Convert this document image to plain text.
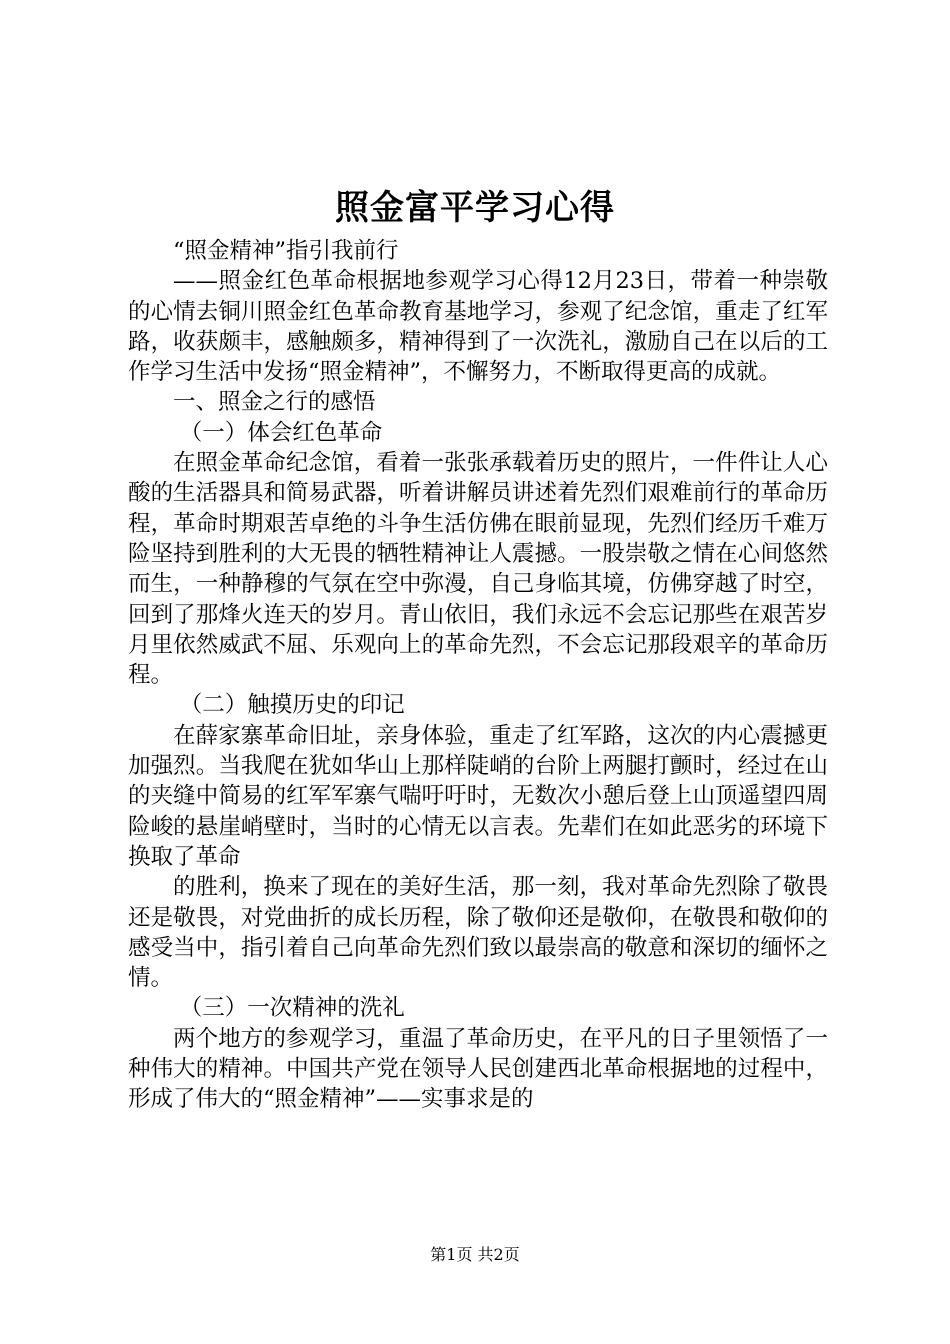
照金富平学习心得

“照金精神”指引我前行

——照金红色革命根据地参观学习心得12月23日，带着一种崇敬的心情去铜川照金红色革命教育基地学习，参观了纪念馆，重走了红军路，收获颇丰，感触颇多，精神得到了一次洗礼，激励自己在以后的工作学习生活中发扬“照金精神”，不懈努力，不断取得更高的成就。

一、照金之行的感悟

（一）体会红色革命

在照金革命纪念馆，看着一张张承载着历史的照片，一件件让人心酸的生活器具和简易武器，听着讲解员讲述着先烈们艰难前行的革命历程，革命时期艰苦卓绝的斗争生活仿佛在眼前显现，先烈们经历千难万险坚持到胜利的大无畏的牺牲精神让人震撼。一股崇敬之情在心间悠然而生，一种静穆的气氛在空中弥漫，自己身临其境，仿佛穿越了时空，回到了那烽火连天的岁月。青山依旧，我们永远不会忘记那些在艰苦岁月里依然威武不屈、乐观向上的革命先烈，不会忘记那段艰辛的革命历程。

（二）触摸历史的印记

在薛家寨革命旧址，亲身体验，重走了红军路，这次的内心震撼更加强烈。当我爬在犹如华山上那样陡峭的台阶上两腿打颤时，经过在山的夹缝中简易的红军军寨气喘吁吁时，无数次小憩后登上山顶遥望四周险峻的悬崖峭壁时，当时的心情无以言表。先辈们在如此恶劣的环境下换取了革命

的胜利，换来了现在的美好生活，那一刻，我对革命先烈除了敬畏还是敬畏，对党曲折的成长历程，除了敬仰还是敬仰，在敬畏和敬仰的感受当中，指引着自己向革命先烈们致以最崇高的敬意和深切的缅怀之情。

（三）一次精神的洗礼

两个地方的参观学习，重温了革命历史，在平凡的日子里领悟了一种伟大的精神。中国共产党在领导人民创建西北革命根据地的过程中，形成了伟大的“照金精神”——实事求是的

第1页 共2页
